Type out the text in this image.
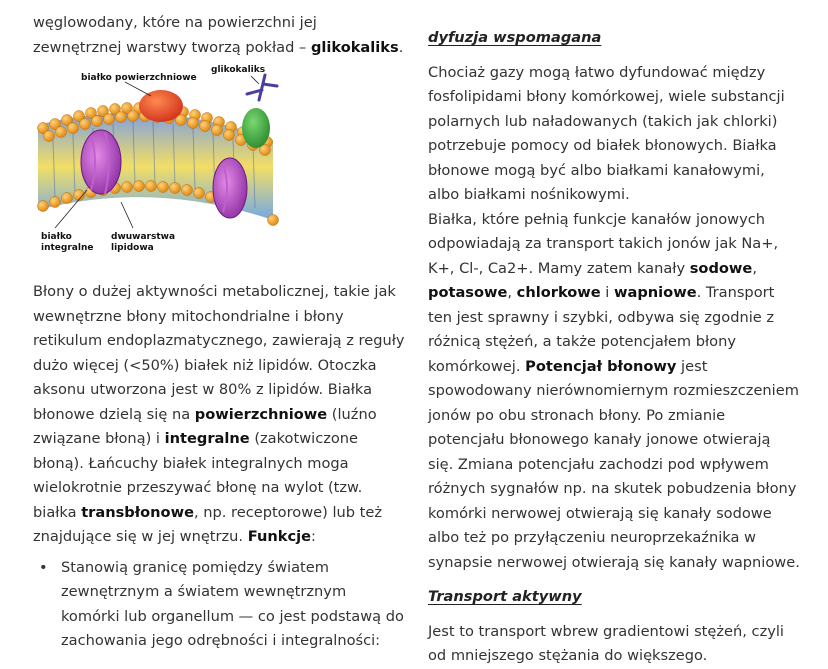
węglowodany, które na powierzchni jej zewnętrznej warstwy tworzą pokład – glikokaliks.

białko powierzchniowe
glikokaliks
białko integralne
dwuwarstwa lipidowa

Błony o dużej aktywności metabolicznej, takie jak wewnętrzne błony mitochondrialne i błony retikulum endoplazmatycznego, zawierają z reguły dużo więcej (<50%) białek niż lipidów. Otoczka aksonu utworzona jest w 80% z lipidów. Białka błonowe dzielą się na powierzchniowe (luźno związane błoną) i integralne (zakotwiczone błoną). Łańcuchy białek integralnych moga wielokrotnie przeszywać błonę na wylot (tzw. białka transbłonowe, np. receptorowe) lub też znajdujące się w jej wnętrzu. Funkcje:

• Stanowią granicę pomiędzy światem zewnętrznym a światem wewnętrznym komórki lub organellum — co jest podstawą do zachowania jego odrębności i integralności:

dyfuzja wspomagana

Chociaż gazy mogą łatwo dyfundować między fosfolipidami błony komórkowej, wiele substancji polarnych lub naładowanych (takich jak chlorki) potrzebuje pomocy od białek błonowych. Białka błonowe mogą być albo białkami kanałowymi, albo białkami nośnikowymi.

Białka, które pełnią funkcje kanałów jonowych odpowiadają za transport takich jonów jak Na+, K+, Cl-, Ca2+. Mamy zatem kanały sodowe, potasowe, chlorkowe i wapniowe. Transport ten jest sprawny i szybki, odbywa się zgodnie z różnicą stężeń, a także potencjałem błony komórkowej. Potencjał błonowy jest spowodowany nierównomiernym rozmieszczeniem jonów po obu stronach błony. Po zmianie potencjału błonowego kanały jonowe otwierają się. Zmiana potencjału zachodzi pod wpływem różnych sygnałów np. na skutek pobudzenia błony komórki nerwowej otwierają się kanały sodowe albo też po przyłączeniu neuroprzekaźnika w synapsie nerwowej otwierają się kanały wapniowe.

Transport aktywny

Jest to transport wbrew gradientowi stężeń, czyli od mniejszego stężania do większego.
